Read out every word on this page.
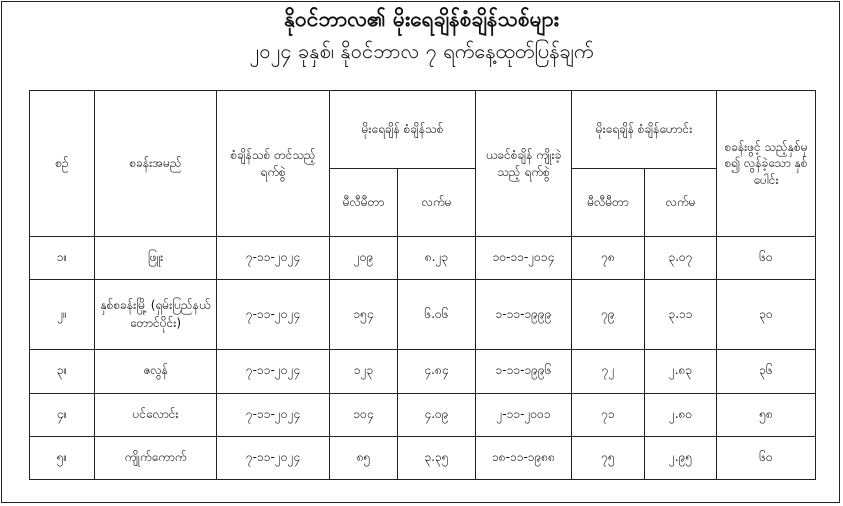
နိုဝင်ဘာလ၏ မိုးရေချိန်စံချိန်သစ်များ
၂၀၂၄ ခုနှစ်၊ နိုဝင်ဘာလ ၇ ရက်နေ့ထုတ်ပြန်ချက်
စဉ်	စခန်းအမည်	စံချိန်သစ် တင်သည့် ရက်စွဲ	မိုးရေချိန် စံချိန်သစ်		ယခင်စံချိန် ကျိုးခဲ့သည့် ရက်စွဲ	မိုးရေချိန် စံချိန်ဟောင်း		စခန်းဖွင့် သည့်နှစ်မှစ၍ လွန်ခဲ့သော နှစ်ပေါင်း
			မီလီမီတာ	လက်မ		မီလီမီတာ	လက်မ	
၁။	ဖြူး	၇-၁၁-၂၀၂၄	၂၀၉	၈.၂၃	၁၀-၁၁-၂၀၁၄	၇၈	၃.၀၇	၆၀
၂။	နှစ်စခန်းမြို့ (ရှမ်းပြည်နယ် တောင်ပိုင်း)	၇-၁၁-၂၀၂၄	၁၅၄	၆.၀၆	၁-၁၁-၁၉၉၉	၇၉	၃.၁၁	၃၀
၃။	ဇလွန်	၇-၁၁-၂၀၂၄	၁၂၃	၄.၈၄	၁-၁၁-၁၉၉၆	၇၂	၂.၈၃	၃၆
၄။	ပင်လောင်း	၇-၁၁-၂၀၂၄	၁၀၄	၄.၀၉	၂-၁၁-၂၀၀၁	၇၁	၂.၈၀	၅၈
၅။	ကျိုက်ကောက်	၇-၁၁-၂၀၂၄	၈၅	၃.၃၅	၁၈-၁၁-၁၉၈၈	၇၅	၂.၉၅	၆၀
